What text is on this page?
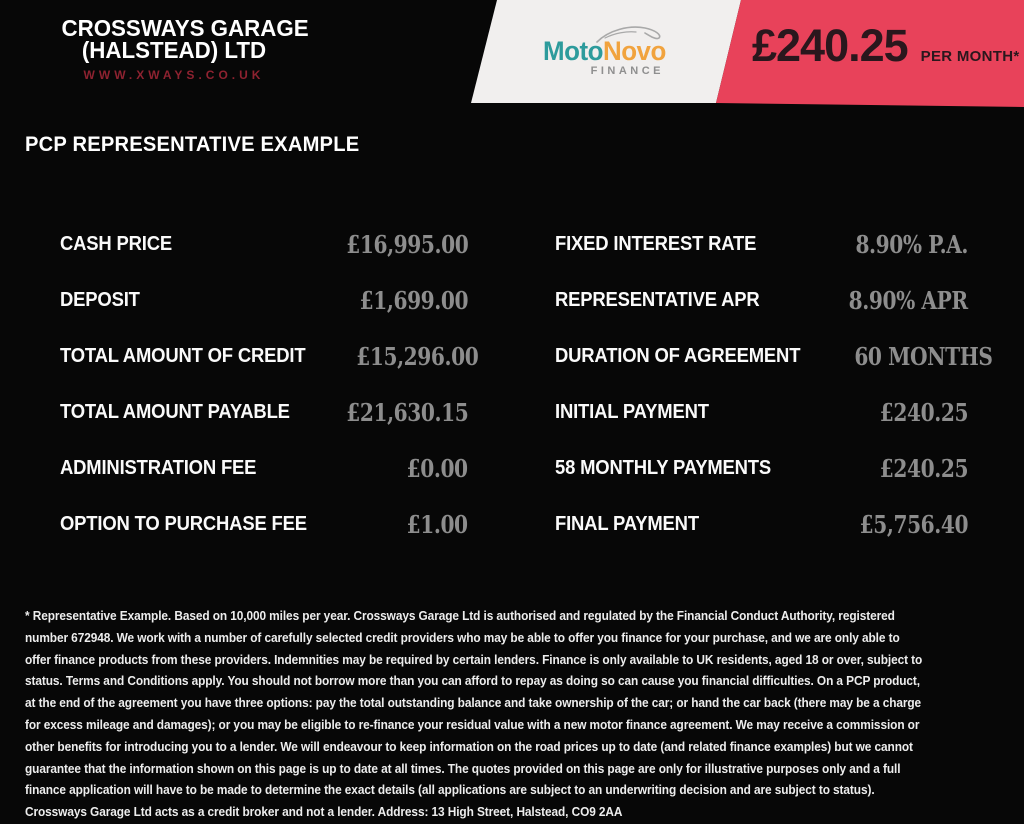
CROSSWAYS GARAGE
(HALSTEAD) LTD
WWW.XWAYS.CO.UK
MotoNovo
FINANCE £240.25 PER MONTH*
PCP REPRESENTATIVE EXAMPLE
CASH PRICE	£16,995.00
DEPOSIT	£1,699.00
TOTAL AMOUNT OF CREDIT £15,296.00
TOTAL AMOUNT PAYABLE £21,630.15
ADMINISTRATION FEE	£0.00
OPTION TO PURCHASE FEE	£1.00
FIXED INTEREST RATE	8.90% P.A.
REPRESENTATIVE APR	8.90% APR
DURATION OF AGREEMENT 60 MONTHS
INITIAL PAYMENT	£240.25
58 MONTHLY PAYMENTS	£240.25
FINAL PAYMENT	£5,756.40

* Representative Example. Based on 10,000 miles per year. Crossways Garage Ltd is authorised and regulated by the Financial Conduct Authority, registered number 672948. We work with a number of carefully selected credit providers who may be able to offer you finance for your purchase, and we are only able to offer finance products from these providers. Indemnities may be required by certain lenders. Finance is only available to UK residents, aged 18 or over, subject to status. Terms and Conditions apply. You should not borrow more than you can afford to repay as doing so can cause you financial difficulties. On a PCP product, at the end of the agreement you have three options: pay the total outstanding balance and take ownership of the car; or hand the car back (there may be a charge for excess mileage and damages); or you may be eligible to re-finance your residual value with a new motor finance agreement. We may receive a commission or other benefits for introducing you to a lender. We will endeavour to keep information on the road prices up to date (and related finance examples) but we cannot guarantee that the information shown on this page is up to date at all times. The quotes provided on this page are only for illustrative purposes only and a full finance application will have to be made to determine the exact details (all applications are subject to an underwriting decision and are subject to status). Crossways Garage Ltd acts as a credit broker and not a lender. Address: 13 High Street, Halstead, CO9 2AA
